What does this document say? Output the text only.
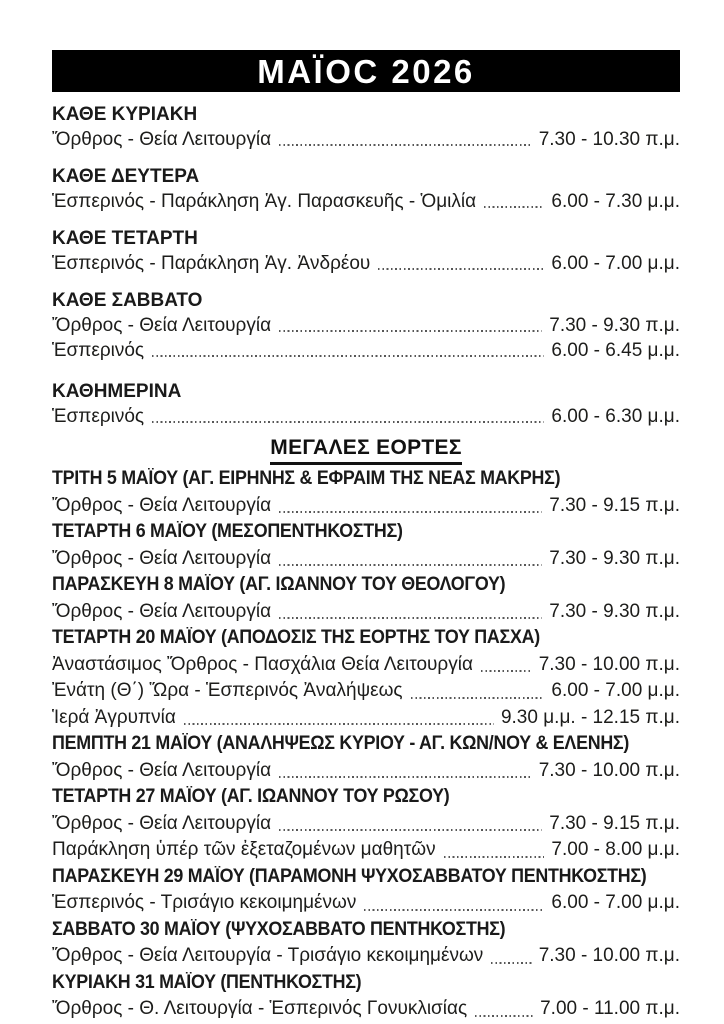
ΜΑΪΟϹ 2026
ΚΑΘΕ ΚΥΡΙΑΚΗ
Ὄρθρος - Θεία Λειτουργία	7.30 - 10.30 π.μ.
ΚΑΘΕ ΔΕΥΤΕΡΑ
Ἑσπερινός - Παράκληση Ἁγ. Παρασκευῆς - Ὁμιλία	6.00 - 7.30 μ.μ.
ΚΑΘΕ ΤΕΤΑΡΤΗ
Ἑσπερινός - Παράκληση Ἁγ. Ἀνδρέου	6.00 - 7.00 μ.μ.
ΚΑΘΕ ΣΑΒΒΑΤΟ
Ὄρθρος - Θεία Λειτουργία	7.30 - 9.30 π.μ.
Ἑσπερινός	6.00 - 6.45 μ.μ.
ΚΑΘΗΜΕΡΙΝΑ
Ἑσπερινός	6.00 - 6.30 μ.μ.
ΜΕΓΑΛΕΣ ΕΟΡΤΕΣ
ΤΡΙΤΗ 5 ΜΑΪΟΥ (ΑΓ. ΕΙΡΗΝΗΣ & ΕΦΡΑΙΜ ΤΗΣ ΝΕΑΣ ΜΑΚΡΗΣ)
Ὄρθρος - Θεία Λειτουργία	7.30 - 9.15 π.μ.
ΤΕΤΑΡΤΗ 6 ΜΑΪΟΥ (ΜΕΣΟΠΕΝΤΗΚΟΣΤΗΣ)
Ὄρθρος - Θεία Λειτουργία	7.30 - 9.30 π.μ.
ΠΑΡΑΣΚΕΥΗ 8 ΜΑΪΟΥ (ΑΓ. ΙΩΑΝΝΟΥ ΤΟΥ ΘΕΟΛΟΓΟΥ)
Ὄρθρος - Θεία Λειτουργία	7.30 - 9.30 π.μ.
ΤΕΤΑΡΤΗ 20 ΜΑΪΟΥ (ΑΠΟΔΟΣΙΣ ΤΗΣ ΕΟΡΤΗΣ ΤΟΥ ΠΑΣΧΑ)
Ἀναστάσιμος Ὄρθρος - Πασχάλια Θεία Λειτουργία	7.30 - 10.00 π.μ.
Ἐνάτη (Θ΄) Ὥρα - Ἑσπερινός Ἀναλήψεως	6.00 - 7.00 μ.μ.
Ἱερά Ἀγρυπνία	9.30 μ.μ. - 12.15 π.μ.
ΠΕΜΠΤΗ 21 ΜΑΪΟΥ (ΑΝΑΛΗΨΕΩΣ ΚΥΡΙΟΥ - ΑΓ. ΚΩΝ/ΝΟΥ & ΕΛΕΝΗΣ)
Ὄρθρος - Θεία Λειτουργία	7.30 - 10.00 π.μ.
ΤΕΤΑΡΤΗ 27 ΜΑΪΟΥ (ΑΓ. ΙΩΑΝΝΟΥ ΤΟΥ ΡΩΣΟΥ)
Ὄρθρος - Θεία Λειτουργία	7.30 - 9.15 π.μ.
Παράκληση ὑπέρ τῶν ἐξεταζομένων μαθητῶν	7.00 - 8.00 μ.μ.
ΠΑΡΑΣΚΕΥΗ 29 ΜΑΪΟΥ (ΠΑΡΑΜΟΝΗ ΨΥΧΟΣΑΒΒΑΤΟΥ ΠΕΝΤΗΚΟΣΤΗΣ)
Ἑσπερινός - Τρισάγιο κεκοιμημένων	6.00 - 7.00 μ.μ.
ΣΑΒΒΑΤΟ 30 ΜΑΪΟΥ (ΨΥΧΟΣΑΒΒΑΤΟ ΠΕΝΤΗΚΟΣΤΗΣ)
Ὄρθρος - Θεία Λειτουργία - Τρισάγιο κεκοιμημένων	7.30 - 10.00 π.μ.
ΚΥΡΙΑΚΗ 31 ΜΑΪΟΥ (ΠΕΝΤΗΚΟΣΤΗΣ)
Ὄρθρος - Θ. Λειτουργία - Ἑσπερινός Γονυκλισίας	7.00 - 11.00 π.μ.
